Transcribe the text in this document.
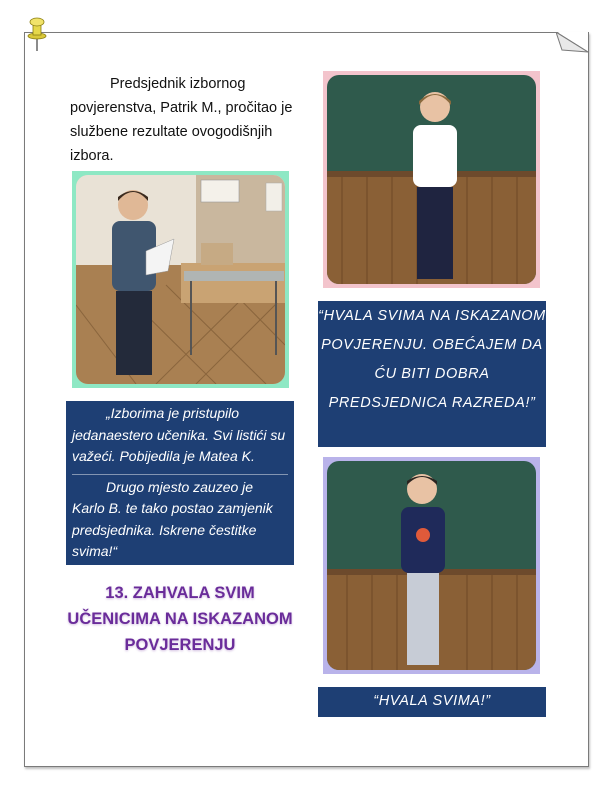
Predsjednik izbornog povjerenstva, Patrik M., pročitao je službene rezultate ovogodišnjih izbora.

„Izborima je pristupilo jedanaestero učenika. Svi listići su važeći. Pobijedila je Matea K.

Drugo mjesto zauzeo je Karlo B. te tako postao zamjenik predsjednika. Iskrene čestitke svima!“

13. ZAHVALA SVIM UČENICIMA NA ISKAZANOM POVJERENJU
“HVALA SVIMA NA ISKAZANOM POVJERENJU. OBEĆAJEM DA ĆU BITI DOBRA PREDSJEDNICA RAZREDA!”
“HVALA SVIMA!”
